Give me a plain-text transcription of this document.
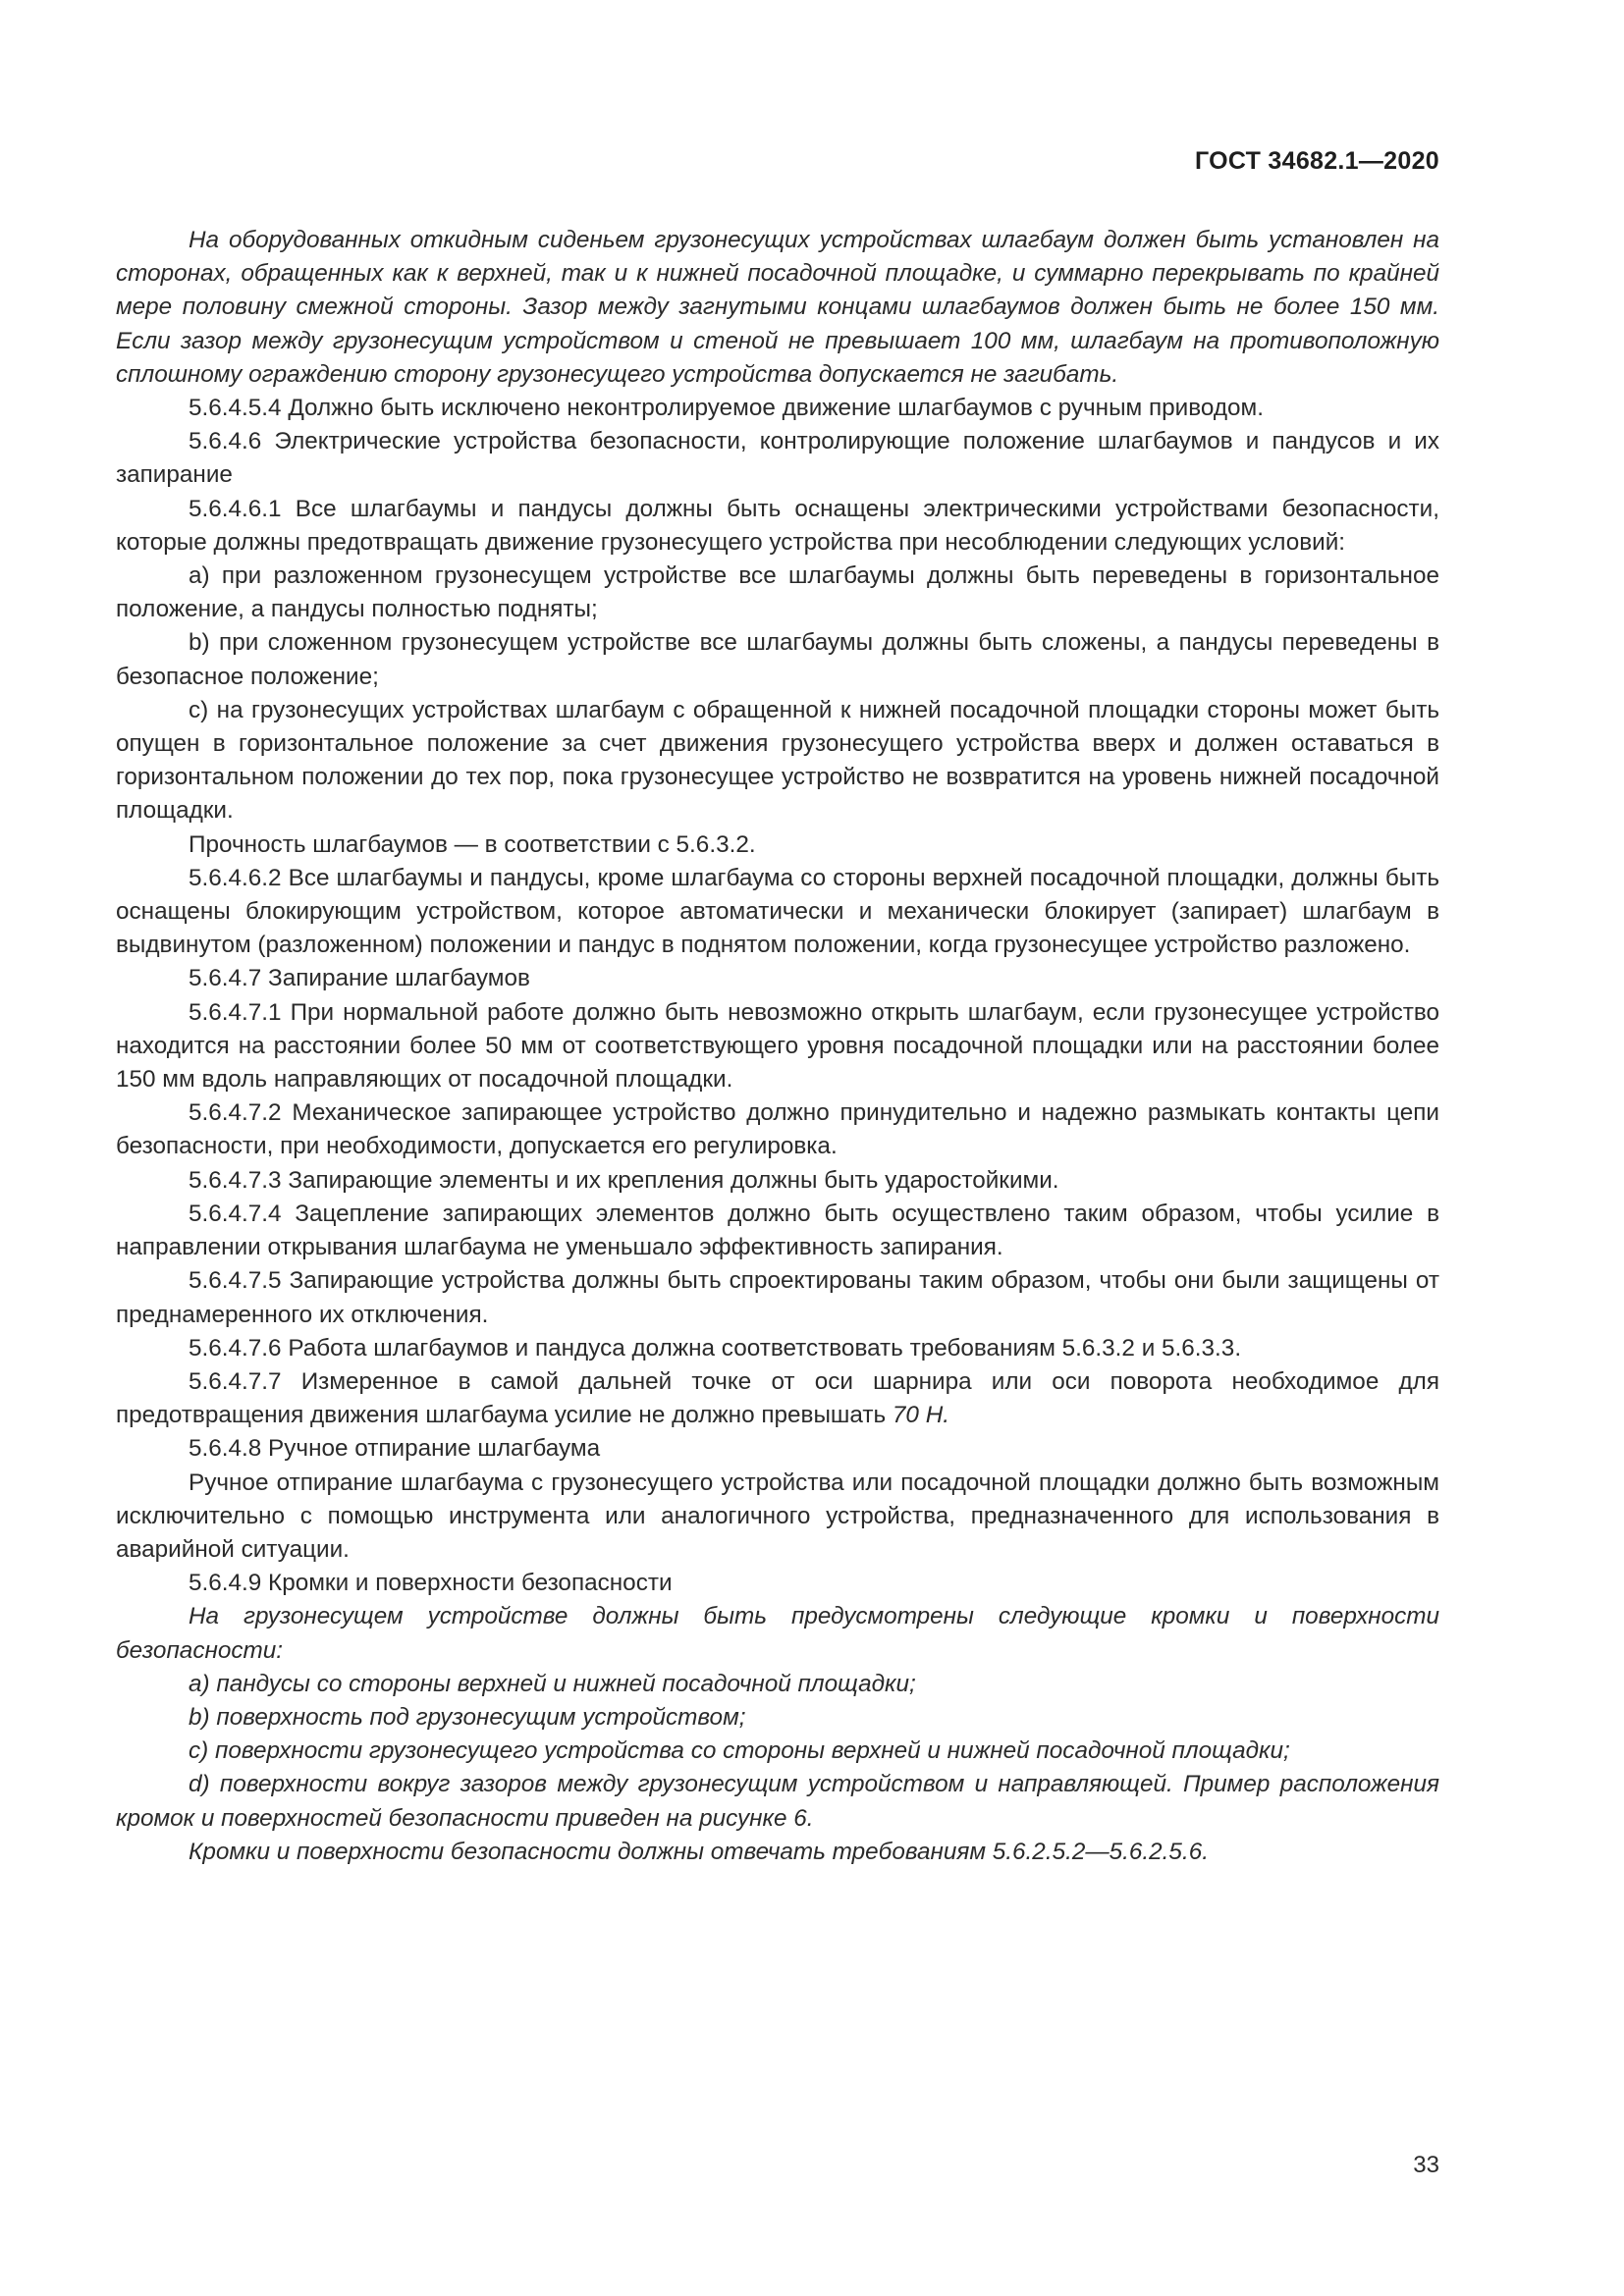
ГОСТ 34682.1—2020

На оборудованных откидным сиденьем грузонесущих устройствах шлагбаум должен быть установлен на сторонах, обращенных как к верхней, так и к нижней посадочной площадке, и суммарно перекрывать по крайней мере половину смежной стороны. Зазор между загнутыми концами шлагбаумов должен быть не более 150 мм. Если зазор между грузонесущим устройством и стеной не превышает 100 мм, шлагбаум на противоположную сплошному ограждению сторону грузонесущего устройства допускается не загибать.

5.6.4.5.4 Должно быть исключено неконтролируемое движение шлагбаумов с ручным приводом.

5.6.4.6 Электрические устройства безопасности, контролирующие положение шлагбаумов и пандусов и их запирание

5.6.4.6.1 Все шлагбаумы и пандусы должны быть оснащены электрическими устройствами безопасности, которые должны предотвращать движение грузонесущего устройства при несоблюдении следующих условий:

a) при разложенном грузонесущем устройстве все шлагбаумы должны быть переведены в горизонтальное положение, а пандусы полностью подняты;

b) при сложенном грузонесущем устройстве все шлагбаумы должны быть сложены, а пандусы переведены в безопасное положение;

c) на грузонесущих устройствах шлагбаум с обращенной к нижней посадочной площадки стороны может быть опущен в горизонтальное положение за счет движения грузонесущего устройства вверх и должен оставаться в горизонтальном положении до тех пор, пока грузонесущее устройство не возвратится на уровень нижней посадочной площадки.

Прочность шлагбаумов — в соответствии с 5.6.3.2.

5.6.4.6.2 Все шлагбаумы и пандусы, кроме шлагбаума со стороны верхней посадочной площадки, должны быть оснащены блокирующим устройством, которое автоматически и механически блокирует (запирает) шлагбаум в выдвинутом (разложенном) положении и пандус в поднятом положении, когда грузонесущее устройство разложено.

5.6.4.7 Запирание шлагбаумов

5.6.4.7.1 При нормальной работе должно быть невозможно открыть шлагбаум, если грузонесущее устройство находится на расстоянии более 50 мм от соответствующего уровня посадочной площадки или на расстоянии более 150 мм вдоль направляющих от посадочной площадки.

5.6.4.7.2 Механическое запирающее устройство должно принудительно и надежно размыкать контакты цепи безопасности, при необходимости, допускается его регулировка.

5.6.4.7.3 Запирающие элементы и их крепления должны быть ударостойкими.

5.6.4.7.4 Зацепление запирающих элементов должно быть осуществлено таким образом, чтобы усилие в направлении открывания шлагбаума не уменьшало эффективность запирания.

5.6.4.7.5 Запирающие устройства должны быть спроектированы таким образом, чтобы они были защищены от преднамеренного их отключения.

5.6.4.7.6 Работа шлагбаумов и пандуса должна соответствовать требованиям 5.6.3.2 и 5.6.3.3.

5.6.4.7.7 Измеренное в самой дальней точке от оси шарнира или оси поворота необходимое для предотвращения движения шлагбаума усилие не должно превышать 70 Н.

5.6.4.8 Ручное отпирание шлагбаума

Ручное отпирание шлагбаума с грузонесущего устройства или посадочной площадки должно быть возможным исключительно с помощью инструмента или аналогичного устройства, предназначенного для использования в аварийной ситуации.

5.6.4.9 Кромки и поверхности безопасности

На грузонесущем устройстве должны быть предусмотрены следующие кромки и поверхности безопасности:

а) пандусы со стороны верхней и нижней посадочной площадки;

b) поверхность под грузонесущим устройством;

c) поверхности грузонесущего устройства со стороны верхней и нижней посадочной площадки;

d) поверхности вокруг зазоров между грузонесущим устройством и направляющей. Пример расположения кромок и поверхностей безопасности приведен на рисунке 6.

Кромки и поверхности безопасности должны отвечать требованиям 5.6.2.5.2—5.6.2.5.6.

33
